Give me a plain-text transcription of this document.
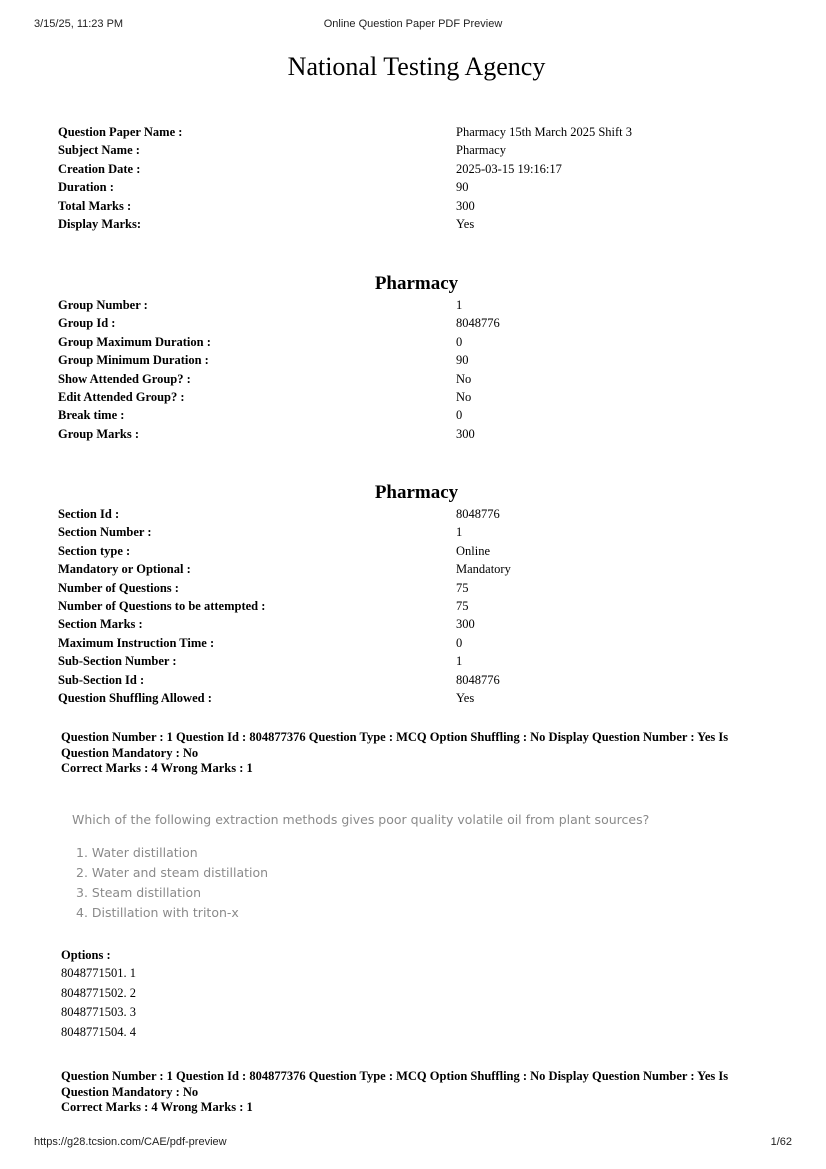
3/15/25, 11:23 PM	Online Question Paper PDF Preview
National Testing Agency
Question Paper Name :	Pharmacy 15th March 2025 Shift 3
Subject Name :	Pharmacy
Creation Date :	2025-03-15 19:16:17
Duration :	90
Total Marks :	300
Display Marks:	Yes
Pharmacy
Group Number :	1
Group Id :	8048776
Group Maximum Duration :	0
Group Minimum Duration :	90
Show Attended Group? :	No
Edit Attended Group? :	No
Break time :	0
Group Marks :	300
Pharmacy
Section Id :	8048776
Section Number :	1
Section type :	Online
Mandatory or Optional :	Mandatory
Number of Questions :	75
Number of Questions to be attempted :	75
Section Marks :	300
Maximum Instruction Time :	0
Sub-Section Number :	1
Sub-Section Id :	8048776
Question Shuffling Allowed :	Yes
Question Number : 1 Question Id : 804877376 Question Type : MCQ Option Shuffling : No Display Question Number : Yes Is
Question Mandatory : No
Correct Marks : 4 Wrong Marks : 1
Which of the following extraction methods gives poor quality volatile oil from plant sources?
1. Water distillation
2. Water and steam distillation
3. Steam distillation
4. Distillation with triton-x
Options :
8048771501. 1
8048771502. 2
8048771503. 3
8048771504. 4
Question Number : 1 Question Id : 804877376 Question Type : MCQ Option Shuffling : No Display Question Number : Yes Is
Question Mandatory : No
Correct Marks : 4 Wrong Marks : 1
https://g28.tcsion.com/CAE/pdf-preview	1/62
